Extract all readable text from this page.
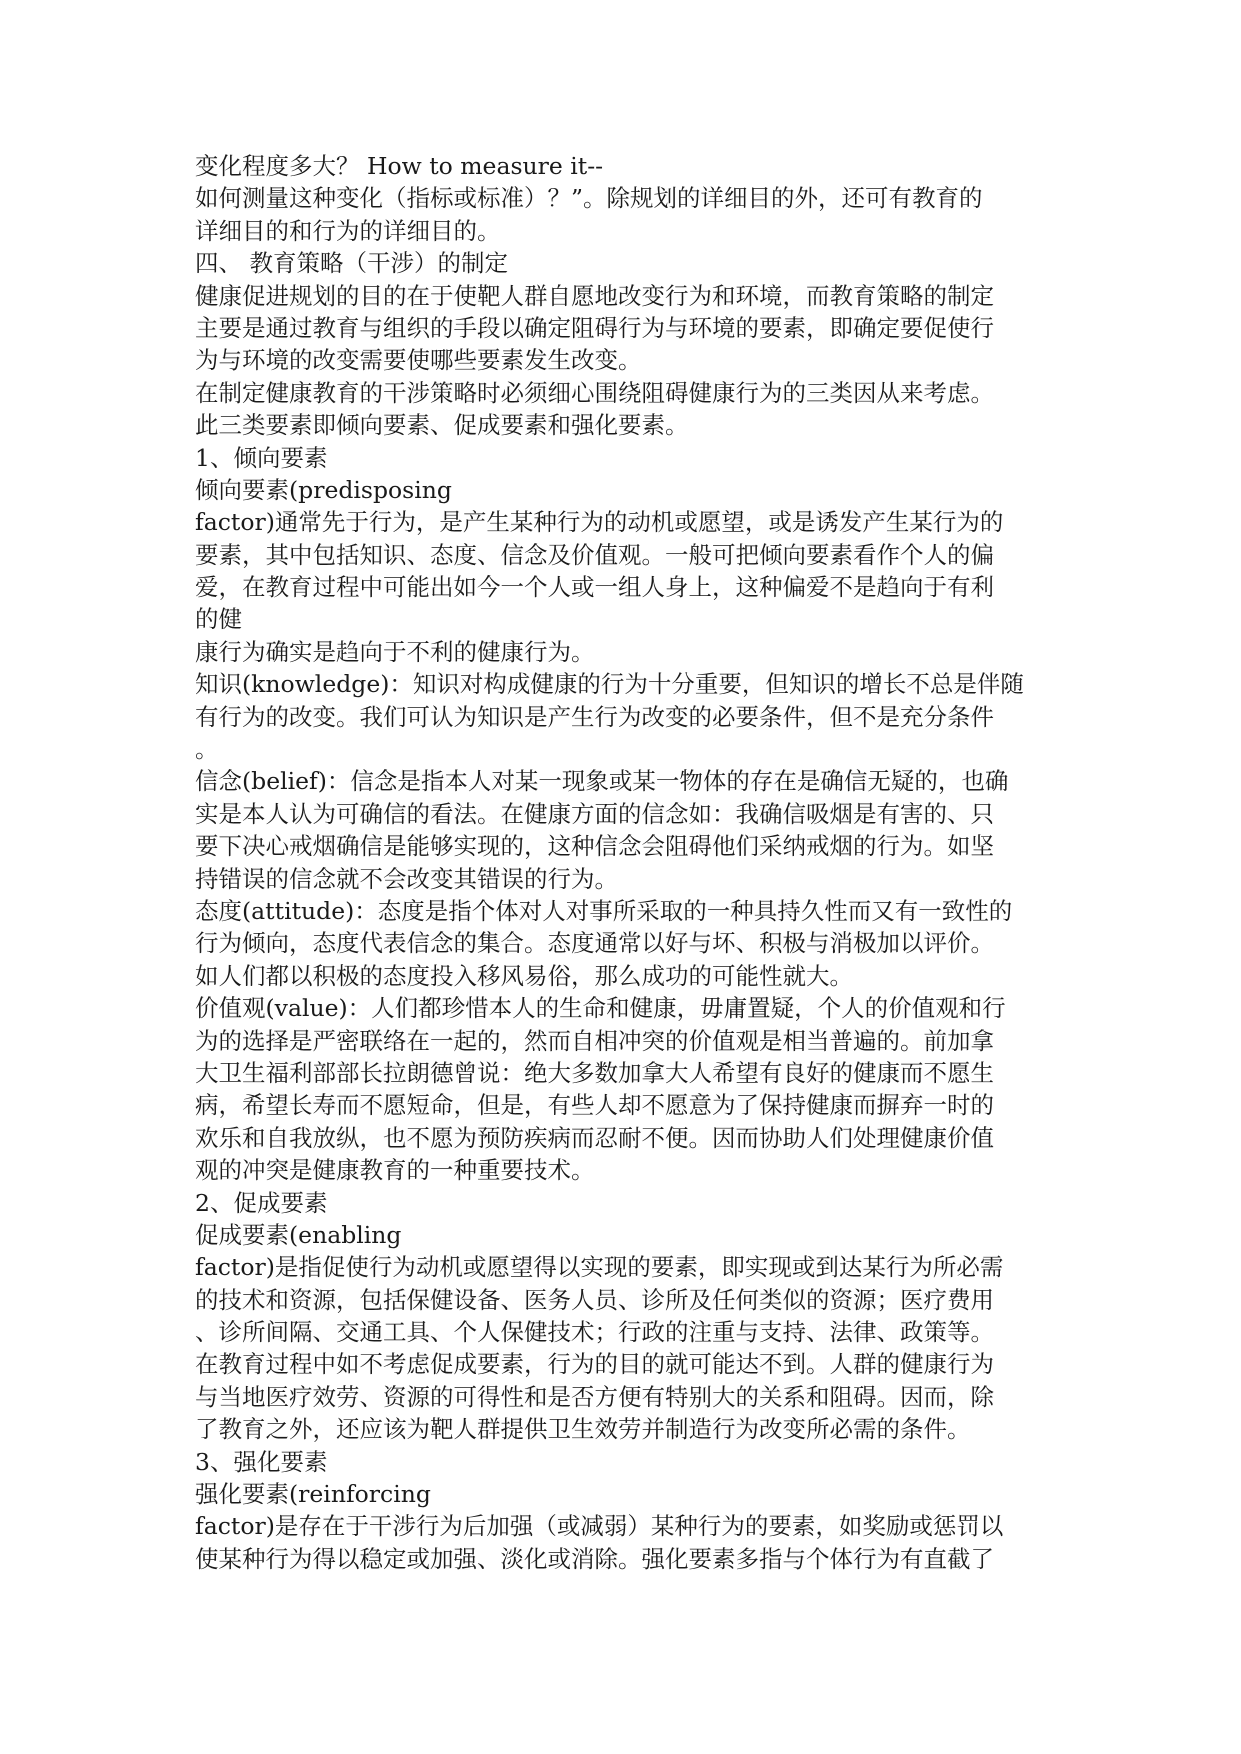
变化程度多大？ How to measure it--
如何测量这种变化（指标或标准）？”。除规划的详细目的外，还可有教育的
详细目的和行为的详细目的。
四、 教育策略（干涉）的制定
健康促进规划的目的在于使靶人群自愿地改变行为和环境，而教育策略的制定
主要是通过教育与组织的手段以确定阻碍行为与环境的要素，即确定要促使行
为与环境的改变需要使哪些要素发生改变。
在制定健康教育的干涉策略时必须细心围绕阻碍健康行为的三类因从来考虑。
此三类要素即倾向要素、促成要素和强化要素。
1、倾向要素
倾向要素(predisposing
factor)通常先于行为，是产生某种行为的动机或愿望，或是诱发产生某行为的
要素，其中包括知识、态度、信念及价值观。一般可把倾向要素看作个人的偏
爱，在教育过程中可能出如今一个人或一组人身上，这种偏爱不是趋向于有利
的健
康行为确实是趋向于不利的健康行为。
知识(knowledge)：知识对构成健康的行为十分重要，但知识的增长不总是伴随
有行为的改变。我们可认为知识是产生行为改变的必要条件，但不是充分条件
。
信念(belief)：信念是指本人对某一现象或某一物体的存在是确信无疑的，也确
实是本人认为可确信的看法。在健康方面的信念如：我确信吸烟是有害的、只
要下决心戒烟确信是能够实现的，这种信念会阻碍他们采纳戒烟的行为。如坚
持错误的信念就不会改变其错误的行为。
态度(attitude)：态度是指个体对人对事所采取的一种具持久性而又有一致性的
行为倾向，态度代表信念的集合。态度通常以好与坏、积极与消极加以评价。
如人们都以积极的态度投入移风易俗，那么成功的可能性就大。
价值观(value)：人们都珍惜本人的生命和健康，毋庸置疑，个人的价值观和行
为的选择是严密联络在一起的，然而自相冲突的价值观是相当普遍的。前加拿
大卫生福利部部长拉朗德曾说：绝大多数加拿大人希望有良好的健康而不愿生
病，希望长寿而不愿短命，但是，有些人却不愿意为了保持健康而摒弃一时的
欢乐和自我放纵，也不愿为预防疾病而忍耐不便。因而协助人们处理健康价值
观的冲突是健康教育的一种重要技术。
2、促成要素
促成要素(enabling
factor)是指促使行为动机或愿望得以实现的要素，即实现或到达某行为所必需
的技术和资源，包括保健设备、医务人员、诊所及任何类似的资源；医疗费用
、诊所间隔、交通工具、个人保健技术；行政的注重与支持、法律、政策等。
在教育过程中如不考虑促成要素，行为的目的就可能达不到。人群的健康行为
与当地医疗效劳、资源的可得性和是否方便有特别大的关系和阻碍。因而，除
了教育之外，还应该为靶人群提供卫生效劳并制造行为改变所必需的条件。
3、强化要素
强化要素(reinforcing
factor)是存在于干涉行为后加强（或减弱）某种行为的要素，如奖励或惩罚以
使某种行为得以稳定或加强、淡化或消除。强化要素多指与个体行为有直截了
